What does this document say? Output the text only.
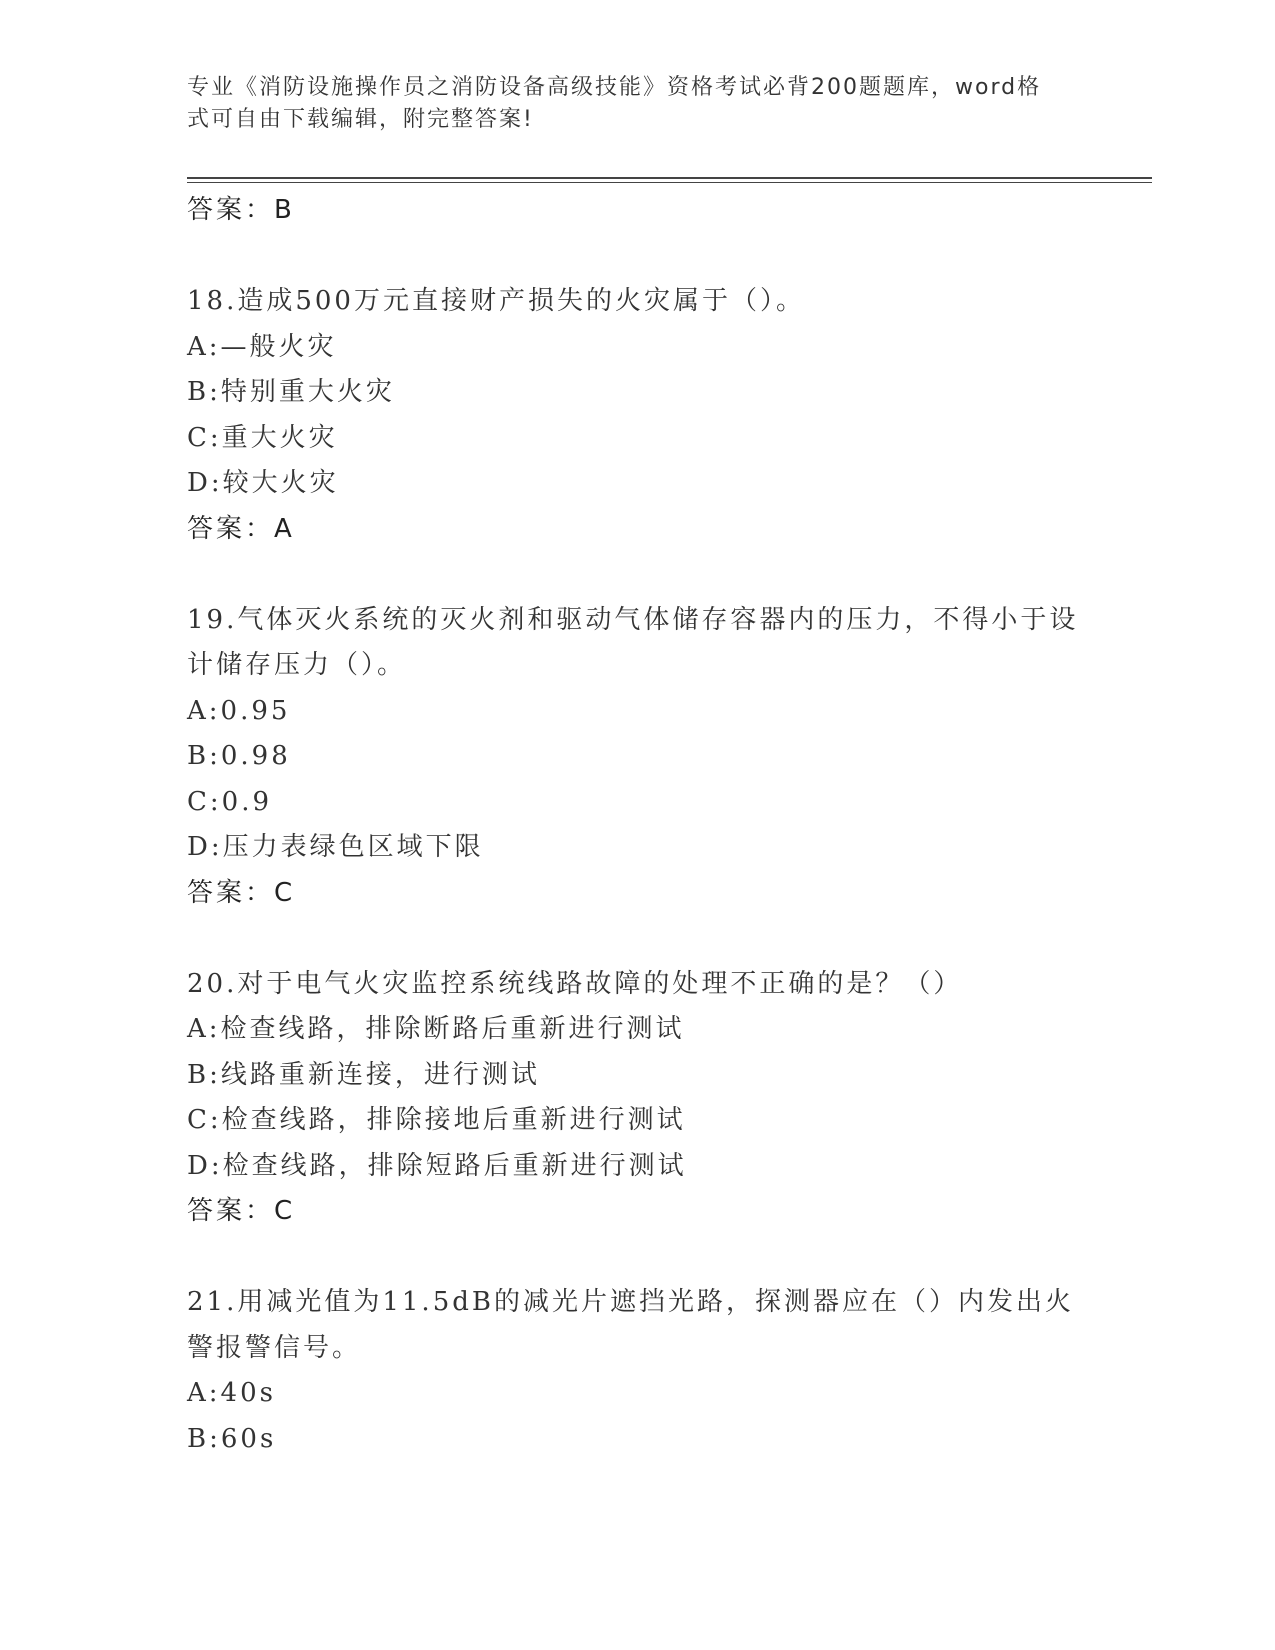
专业《消防设施操作员之消防设备高级技能》资格考试必背200题题库，word格
式可自由下载编辑，附完整答案!
答案：B
18.造成500万元直接财产损失的火灾属于（）。
A:—般火灾
B:特别重大火灾
C:重大火灾
D:较大火灾
答案：A
19.气体灭火系统的灭火剂和驱动气体储存容器内的压力，不得小于设
计储存压力（）。
A:0.95
B:0.98
C:0.9
D:压力表绿色区域下限
答案：C
20.对于电气火灾监控系统线路故障的处理不正确的是？（）
A:检查线路，排除断路后重新进行测试
B:线路重新连接，进行测试
C:检查线路，排除接地后重新进行测试
D:检查线路，排除短路后重新进行测试
答案：C
21.用减光值为11.5dB的减光片遮挡光路，探测器应在（）内发出火
警报警信号。
A:40s
B:60s
